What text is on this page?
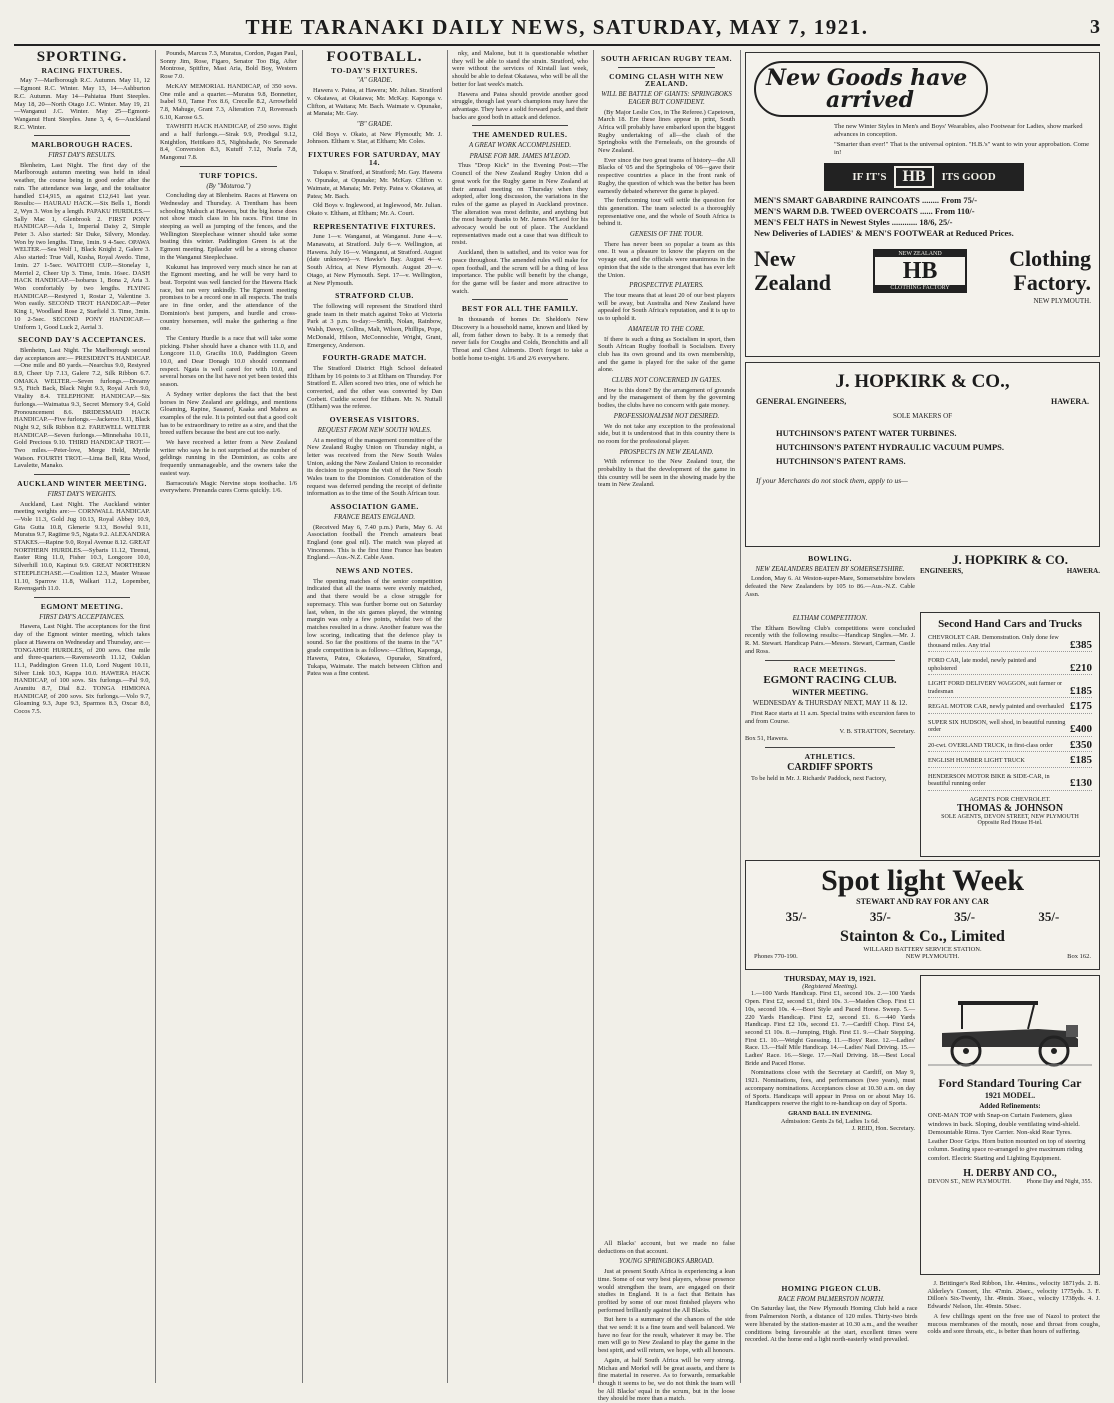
THE TARANAKI DAILY NEWS, SATURDAY, MAY 7, 1921.	3
SPORTING.
RACING FIXTURES.

May 7—Marlborough R.C. Autumn. May 11, 12—Egmont R.C. Winter. May 13, 14—Ashburton R.C. Autumn. May 14—Pahiatua Hunt Steeples. May 18, 20—North Otago J.C. Winter. May 19, 21—Wanganui J.C. Winter. May 25—Egmont-Wanganui Hunt Steeples. June 3, 4, 6—Auckland R.C. Winter.

MARLBOROUGH RACES.
FIRST DAY'S RESULTS.

Blenheim, Last Night. The first day of the Marlborough autumn meeting was held in ideal weather, the course being in good order after the rain. The attendance was large, and the totalisator handled £14,915, as against £12,641 last year. Results:— HAURAU HACK.—Six Bells 1, Bondi 2, Wyn 3. Won by a length. PAPAKU HURDLES.—Sally Mac 1, Glenbrook 2. FIRST PONY HANDICAP.—Ada 1, Imperial Daisy 2, Simple Peter 3. Also started: Sir Duke, Silvery, Monday. Won by two lengths. Time, 1min. 9 4-5sec. OPAWA WELTER.—Sea Wolf 1, Black Knight 2, Galere 3. Also started: True Vall, Kusha, Royal Avedo. Time, 1min. 27 1-5sec. WAITOHI CUP.—Stonelay 1, Merriel 2, Cheer Up 3. Time, 1min. 16sec. DASH HACK HANDICAP.—Isobarus 1, Bona 2, Aria 3. Won comfortably by two lengths. FLYING HANDICAP.—Restyred 1, Rostar 2, Valentine 3. Won easily. SECOND TROT HANDICAP.—Peter King 1, Woodland Rose 2, Starfield 3. Time, 3min. 10 2-5sec. SECOND PONY HANDICAP.—Uniform 1, Good Luck 2, Aerial 3.

SECOND DAY'S ACCEPTANCES.

Blenheim, Last Night. The Marlborough second day acceptances are:— PRESIDENT'S HANDICAP.—One mile and 80 yards.—Nearchus 9.0, Restyred 8.9, Cheer Up 7.13, Galere 7.2, Silk Ribbon 6.7. OMAKA WELTER.—Seven furlongs.—Dreamy 9.5, Fitch Back, Black Night 9.3, Royal Arch 9.0, Vitality 8.4. TELEPHONE HANDICAP.—Six furlongs.—Waimatua 9.3, Secret Memory 9.4, Gold Pronouncement 8.6. BRIDESMAID HACK HANDICAP.—Five furlongs.—Jackeroo 9.11, Black Night 9.2, Silk Ribbon 8.2. FAREWELL WELTER HANDICAP.—Seven furlongs.—Minnehaha 10.11, Gold Precious 9.10. THIRD HANDICAP TROT.—Two miles.—Peter-love, Merge Held, Myrtle Watson. FOURTH TROT.—Lima Bell, Rita Wood, Lavalette, Manako.

AUCKLAND WINTER MEETING.
FIRST DAY'S WEIGHTS.

Auckland, Last Night. The Auckland winter meeting weights are:— CORNWALL HANDICAP.—Vole 11.3, Gold Jug 10.13, Royal Abbey 10.9, Gita Gutta 10.8, Glenerie 9.13, Bowful 9.11, Muratus 9.7, Ragtime 9.5, Ngata 9.2. ALEXANDRA STAKES.—Rapine 9.0, Royal Avenue 8.12. GREAT NORTHERN HURDLES.—Sybaris 11.12, Tirenui, Easter Ring 11.0, Fisher 10.3, Longcore 10.0, Silverhill 10.0, Kapinui 9.9. GREAT NORTHERN STEEPLECHASE.—Coalition 12.3, Master Wrasse 11.10, Sparrow 11.8, Walkari 11.2, Lopember, Ravensgarth 11.0.

EGMONT MEETING.
FIRST DAY'S ACCEPTANCES.

Hawera, Last Night. The acceptances for the first day of the Egmont winter meeting, which takes place at Hawera on Wednesday and Thursday, are:— TONGAHOE HURDLES, of 200 sovs. One mile and three-quarters.—Ravensworth 11.12, Oaklan 11.1, Paddington Green 11.0, Lord Nugent 10.11, Silver Link 10.3, Kappa 10.0. HAWERA HACK HANDICAP, of 100 sovs. Six furlongs.—Pal 9.0, Aramitu 8.7, Dial 8.2. TONGA HIMIONA HANDICAP, of 200 sovs. Six furlongs.—Volo 9.7, Gloaming 9.3, Jupe 9.3, Sparmos 8.3, Oxcar 8.0, Cocos 7.5.

Pounds, Marcus 7.3, Muratus, Cordon, Pagan Paul, Sonny Jim, Rose, Figaro, Senator Too Big, After Montrose, Spitfire, Mast Aria, Bold Boy, Western Rose 7.0.

McKAY MEMORIAL HANDICAP, of 350 sovs. One mile and a quarter.—Muratus 9.8, Bonnetter, Isabel 9.0, Tame Fox 8.6, Crecelle 8.2, Arrowfield 7.8, Mahuge, Grant 7.3, Alteration 7.0, Rovereach 6.10, Karose 6.5.

TAWHITI HACK HANDICAP, of 250 sovs. Eight and a half furlongs.—Sirak 9.9, Prodigal 9.12, Knightlon, Heitikaro 8.5, Nightshade, No Serenade 8.4, Conversion 8.3, Kutuff 7.12, Nurla 7.8, Mangonui 7.8.

TURF TOPICS.
(By "Moturoa.")

Concluding day at Blenheim. Races at Hawera on Wednesday and Thursday. A Trentham has been schooling Mahuch at Hawera, but the big horse does not show much class in his races. First time in steeping as well as jumping of the fences, and the Wellington Steeplechase winner should take some beating this winter. Paddington Green is at the Egmont meeting. Epilauder will be a strong chance in the Wanganui Steeplechase.

Kukunui has improved very much since he ran at the Egmont meeting, and he will be very hard to beat. Torpoint was well fancied for the Hawera Hack race, but ran very unkindly. The Egmont meeting promises to be a record one in all respects. The trails are in fine order, and the attendance of the Dominion's best jumpers, and hurdle and cross-country horsemen, will make the gathering a fine one.

The Century Hurdle is a race that will take some picking. Fisher should have a chance with 11.0, and Longcore 11.0, Gracilis 10.0, Paddington Green 10.0, and Dear Donagh 10.0 should command respect. Ngata is well cared for with 10.0, and several horses on the list have not yet been tested this season.

A Sydney writer deplores the fact that the best horses in New Zealand are geldings, and mentions Gloaming, Rapine, Sasanof, Kaaka and Mahou as examples of the rule. It is pointed out that a good colt has to be extraordinary to retire as a sire, and that the breed suffers because the best are cut too early.

We have received a letter from a New Zealand writer who says he is not surprised at the number of geldings running in the Dominion, as colts are frequently unmanageable, and the owners take the easiest way.

Barracouta's Magic Nervine stops toothache. 1/6 everywhere. Prenanda cures Corns quickly. 1/6.

FOOTBALL.
TO-DAY'S FIXTURES.
"A" GRADE.

Hawera v. Patea, at Hawera; Mr. Julian. Stratford v. Okaiawa, at Okaiawa; Mr. McKay. Kaponga v. Clifton, at Waitara; Mr. Bach. Waimate v. Opunake, at Manaia; Mr. Gay.

"B" GRADE.

Old Boys v. Okato, at New Plymouth; Mr. J. Johnson. Eltham v. Star, at Eltham; Mr. Coles.

FIXTURES FOR SATURDAY, MAY 14.

Tukapa v. Stratford, at Stratford; Mr. Gay. Hawera v. Opunake, at Opunake; Mr. McKay. Clifton v. Waimate, at Manaia; Mr. Petty. Patea v. Okaiawa, at Patea; Mr. Bach.

Old Boys v. Inglewood, at Inglewood, Mr. Julian. Okato v. Eltham, at Eltham; Mr. A. Court.

REPRESENTATIVE FIXTURES.

June 1—v. Wanganui, at Wanganui. June 4—v. Manawatu, at Stratford. July 6—v. Wellington, at Hawera. July 16—v. Wanganui, at Stratford. August (date unknown)—v. Hawke's Bay. August 4—v. South Africa, at New Plymouth. August 20—v. Otago, at New Plymouth. Sept. 17—v. Wellington, at New Plymouth.

STRATFORD CLUB.

The following will represent the Stratford third grade team in their match against Toko at Victoria Park at 3 p.m. to-day:—Smith, Nolan, Rainbow, Walsh, Davey, Collins, Malt, Wilson, Phillips, Pope, McDonald, Hilson, McConnochie, Wright, Grant, Emergency, Anderson.

FOURTH-GRADE MATCH.

The Stratford District High School defeated Eltham by 16 points to 3 at Eltham on Thursday. For Stratford E. Allen scored two tries, one of which he converted, and the other was converted by Dan Corbett. Cuddie scored for Eltham. Mr. N. Nuttall (Eltham) was the referee.

OVERSEAS VISITORS.
REQUEST FROM NEW SOUTH WALES.

At a meeting of the management committee of the New Zealand Rugby Union on Thursday night, a letter was received from the New South Wales Union, asking the New Zealand Union to reconsider its decision to postpone the visit of the New South Wales team to the Dominion. Consideration of the request was deferred pending the receipt of definite information as to the time of the South African tour.

ASSOCIATION GAME.
FRANCE BEATS ENGLAND.

(Received May 6, 7.40 p.m.) Paris, May 6. At Association football the French amateurs beat England (one goal nil). The match was played at Vincennes. This is the first time France has beaten England.—Aus.-N.Z. Cable Assn.

NEWS AND NOTES.

The opening matches of the senior competition indicated that all the teams were evenly matched, and that there would be a close struggle for supremacy. This was further borne out on Saturday last, when, in the six games played, the winning margin was only a few points, whilst two of the matches resulted in a draw. Another feature was the low scoring, indicating that the defence play is sound. So far the positions of the teams in the "A" grade competition is as follows:—Clifton, Kaponga, Hawera, Patea, Okaiawa, Opunake, Stratford, Tukapa, Waimate. The match between Clifton and Patea was a fine contest.

nky, and Malone, but it is questionable whether they will be able to stand the strain. Stratford, who were without the services of Kirstall last week, should be able to defeat Okaiawa, who will be all the better for last week's match.

Hawera and Patea should provide another good struggle, though last year's champions may have the advantage. They have a solid forward pack, and their backs are good both in attack and defence.

THE AMENDED RULES.
A GREAT WORK ACCOMPLISHED.
PRAISE FOR MR. JAMES M'LEOD.

Thus "Drop Kick" in the Evening Post:—The Council of the New Zealand Rugby Union did a great work for the Rugby game in New Zealand at their annual meeting on Thursday when they adopted, after long discussion, the variations in the rules of the game as played in Auckland province. The alteration was most definite, and anything but the most hearty thanks to Mr. James M'Leod for his advocacy would be out of place. The Auckland representatives made out a case that was difficult to resist.

Auckland, then is satisfied, and its voice was for peace throughout. The amended rules will make for open football, and the scrum will be a thing of less importance. The public will benefit by the change, for the game will be faster and more attractive to watch.

BEST FOR ALL THE FAMILY.

In thousands of homes Dr. Sheldon's New Discovery is a household name, known and liked by all, from father down to baby. It is a remedy that never fails for Coughs and Colds, Bronchitis and all Throat and Chest Ailments. Don't forget to take a bottle home to-night. 1/6 and 2/6 everywhere.

SOUTH AFRICAN RUGBY TEAM.
COMING CLASH WITH NEW ZEALAND.
WILL BE BATTLE OF GIANTS: SPRINGBOKS EAGER BUT CONFIDENT.

(By Major Leslie Cox, in The Referee.) Capetown, March 18. Ere these lines appear in print, South Africa will probably have embarked upon the biggest Rugby undertaking of all—the clash of the Springboks with the Ferneleafs, on the grounds of New Zealand.

Ever since the two great teams of history—the All Blacks of '05 and the Springboks of '06—gave their respective countries a place in the front rank of Rugby, the question of which was the better has been earnestly debated wherever the game is played.

The forthcoming tour will settle the question for this generation. The team selected is a thoroughly representative one, and the whole of South Africa is behind it.

GENESIS OF THE TOUR.

There has never been so popular a team as this one. It was a pleasure to know the players on the voyage out, and the officials were unanimous in the opinion that the side is the strongest that has ever left the Union.

PROSPECTIVE PLAYERS.

The tour means that at least 20 of our best players will be away, but Australia and New Zealand have appealed for South Africa's reputation, and it is up to us to uphold it.

AMATEUR TO THE CORE.

If there is such a thing as Socialism in sport, then South African Rugby football is Socialism. Every club has its own ground and its own membership, and the game is played for the sake of the game alone.

CLUBS NOT CONCERNED IN GATES.

How is this done? By the arrangement of grounds and by the management of them by the governing bodies, the clubs have no concern with gate money.

PROFESSIONALISM NOT DESIRED.

We do not take any exception to the professional side, but it is understood that in this country there is no room for the professional player.

PROSPECTS IN NEW ZEALAND.

With reference to the New Zealand tour, the probability is that the development of the game in this country will be seen in the showing made by the team in New Zealand.

New Goods have
arrived
The new Winter Styles in Men's and Boys' Wearables, also Footwear for Ladies, show marked advances in conception.
"Smarter than ever!" That is the universal opinion. "H.B.'s" want to win your approbation. Come in!
IF IT'S	HB	ITS GOOD
MEN'S SMART GABARDINE RAINCOATS ........ From 75/-
MEN'S WARM D.B. TWEED OVERCOATS ...... From 110/-
MEN'S FELT HATS in Newest Styles ............ 18/6, 25/-
New Deliveries of LADIES' & MEN'S FOOTWEAR at Reduced Prices.
New
Zealand
NEW ZEALAND
HB
CLOTHING FACTORY
Clothing
Factory.
NEW PLYMOUTH.
J. HOPKIRK & CO.,
GENERAL ENGINEERS,	HAWERA.
SOLE MAKERS OF
HUTCHINSON'S PATENT WATER TURBINES.
HUTCHINSON'S PATENT HYDRAULIC VACUUM PUMPS.
HUTCHINSON'S PATENT RAMS.
If your Merchants do not stock them, apply to us—
BOWLING.
NEW ZEALANDERS BEATEN BY SOMERSETSHIRE.

London, May 6. At Weston-super-Mare, Somersetshire bowlers defeated the New Zealanders by 105 to 86.—Aus.-N.Z. Cable Assn.

J. HOPKIRK & CO.
ENGINEERS,	HAWERA.
Second Hand Cars and Trucks
CHEVROLET CAR. Demonstration. Only done few thousand miles. Any trial	£385
FORD CAR, late model, newly painted and upholstered	£210
LIGHT FORD DELIVERY WAGGON, suit farmer or tradesman	£185
REGAL MOTOR CAR, newly painted and overhauled £175
SUPER SIX HUDSON, well shod, in beautiful running order	£400
20-cwt. OVERLAND TRUCK, in first-class order	£350
ENGLISH HUMBER LIGHT TRUCK	£185
HENDERSON MOTOR BIKE & SIDE-CAR, in beautiful running order	£130
AGENTS FOR CHEVROLET.
THOMAS & JOHNSON
SOLE AGENTS, DEVON STREET, NEW PLYMOUTH
Opposite Red House H-tel.
ELTHAM COMPETITION.

The Eltham Bowling Club's competitions were concluded recently with the following results:—Handicap Singles.—Mr. J. R. M. Stewart. Handicap Pairs.—Messrs. Stewart, Carman, Castle and Ross.

RACE MEETINGS.
EGMONT RACING CLUB.
WINTER MEETING.
WEDNESDAY & THURSDAY NEXT, MAY 11 & 12.

First Race starts at 11 a.m. Special trains with excursion fares to and from Course.

V. B. STRATTON, Secretary.
Box 51, Hawera.
ATHLETICS.
CARDIFF SPORTS

To be held in Mr. J. Richards' Paddock, next Factory,

Spot light Week
STEWART AND RAY FOR ANY CAR
35/-	35/-	35/-	35/-
Stainton & Co., Limited
WILLARD BATTERY SERVICE STATION.
Phones 770-190.	NEW PLYMOUTH.	Box 162.
THURSDAY, MAY 19, 1921.
(Registered Meeting).

1.—100 Yards Handicap. First £1, second 10s. 2.—100 Yards Open. First £2, second £1, third 10s. 3.—Maiden Chop. First £1 10s, second 10s. 4.—Boot Style and Paced Horse. Sweep. 5.—220 Yards Handicap. First £2, second £1. 6.—440 Yards Handicap. First £2 10s, second £1. 7.—Cardiff Chop. First £4, second £1 10s. 8.—Jumping, High. First £1. 9.—Chair Stepping. First £1. 10.—Weight Guessing. 11.—Boys' Race. 12.—Ladies' Race. 13.—Half Mile Handicap. 14.—Ladies' Nail Driving. 15.—Ladies' Race. 16.—Siege. 17.—Nail Driving. 18.—Best Local Bride and Paced Horse.

Nominations close with the Secretary at Cardiff, on May 9, 1921. Nominations, fees, and performances (two years), must accompany nominations. Acceptances close at 10.30 a.m. on day of Sports. Handicaps will appear in Press on or about May 16. Handicappers reserve the right to re-handicap on day of Sports.

GRAND BALL IN EVENING.
Admission: Gents 2s 6d, Ladies 1s 6d.
J. REID, Hon. Secretary.
Ford Standard Touring Car
1921 MODEL.
Added Refinements:
ONE-MAN TOP with Snap-on Curtain Fasteners, glass windows in back. Sloping, double ventilating wind-shield. Demountable Rims. Tyre Carrier. Non-skid Rear Tyres. Leather Door Grips. Horn button mounted on top of steering column. Seating space re-arranged to give maximum riding comfort. Electric Starting and Lighting Equipment.
H. DERBY AND CO.,
DEVON ST., NEW PLYMOUTH.	Phone Day and Night, 355.
HOMING PIGEON CLUB.
RACE FROM PALMERSTON NORTH.

On Saturday last, the New Plymouth Homing Club held a race from Palmerston North, a distance of 120 miles. Thirty-two birds were liberated by the station-master at 10.30 a.m., and the weather conditions being favourable at the start, excellent times were recorded. At the home end a light north-easterly wind prevailed.

J. Brittinger's Red Ribbon, 1hr. 44mins., velocity 1871yds. 2. B. Alderley's Concert, 1hr. 47min. 26sec., velocity 1775yds. 3. F. Dillon's Six-Twenty, 1hr. 49min. 36sec., velocity 1738yds. 4. J. Edwards' Nelson, 1hr. 49min. 50sec.

A few chillings spent on the free use of Nazol to protect the mucous membranes of the mouth, nose and throat from coughs, colds and sore throats, etc., is better than hours of suffering.

All Blacks' account, but we made no false deductions on that account.

YOUNG SPRINGBOKS ABROAD.

Just at present South Africa is experiencing a lean time. Some of our very best players, whose presence would strengthen the team, are engaged on their studies in England. It is a fact that Britain has profited by some of our most finished players who performed brilliantly against the All Blacks.

But here is a summary of the chances of the side that we send: it is a fine team and well balanced. We have no fear for the result, whatever it may be. The men will go to New Zealand to play the game in the best spirit, and will return, we hope, with all honours.

Again, at half South Africa will be very strong. Michau and Morkel will be great assets, and there is fine material in reserve. As to forwards, remarkable though it seems to be, we do not think the team will be All Blacks' equal in the scrum, but in the loose they should be more than a match.
